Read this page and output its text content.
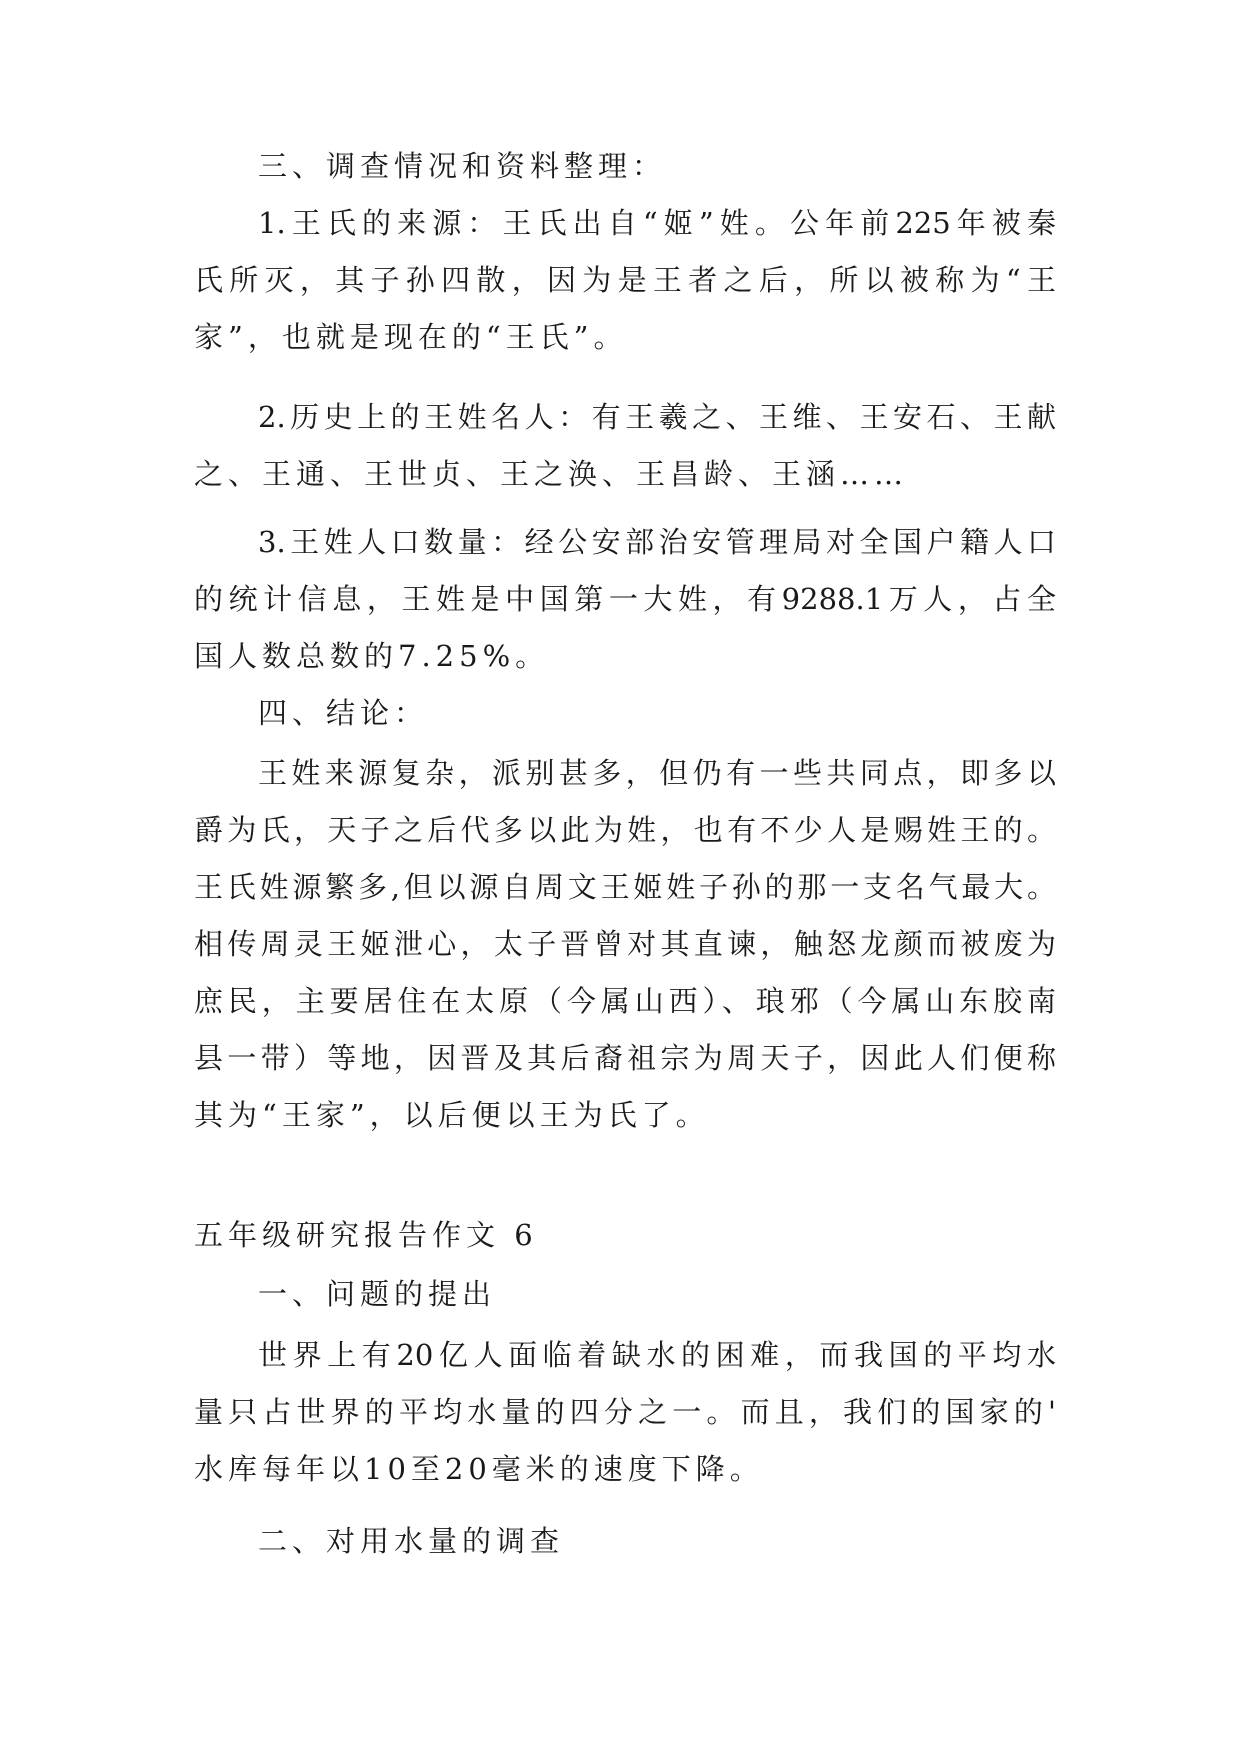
三、调查情况和资料整理：

1.王氏的来源：王氏出自“姬”姓。公年前225年被秦

氏所灭，其子孙四散，因为是王者之后，所以被称为“王

家”，也就是现在的“王氏”。

2.历史上的王姓名人：有王羲之、王维、王安石、王献

之、王通、王世贞、王之涣、王昌龄、王涵……

3.王姓人口数量：经公安部治安管理局对全国户籍人口

的统计信息，王姓是中国第一大姓，有9288.1万人，占全

国人数总数的7.25%。

四、结论：

王姓来源复杂，派别甚多，但仍有一些共同点，即多以

爵为氏，天子之后代多以此为姓，也有不少人是赐姓王的。

王氏姓源繁多,但以源自周文王姬姓子孙的那一支名气最大。

相传周灵王姬泄心，太子晋曾对其直谏，触怒龙颜而被废为

庶民，主要居住在太原（今属山西）、琅邪（今属山东胶南

县一带）等地，因晋及其后裔祖宗为周天子，因此人们便称

其为“王家”，以后便以王为氏了。

五年级研究报告作文 6

一、问题的提出

世界上有20亿人面临着缺水的困难，而我国的平均水

量只占世界的平均水量的四分之一。而且，我们的国家的'

水库每年以10至20毫米的速度下降。

二、对用水量的调查
